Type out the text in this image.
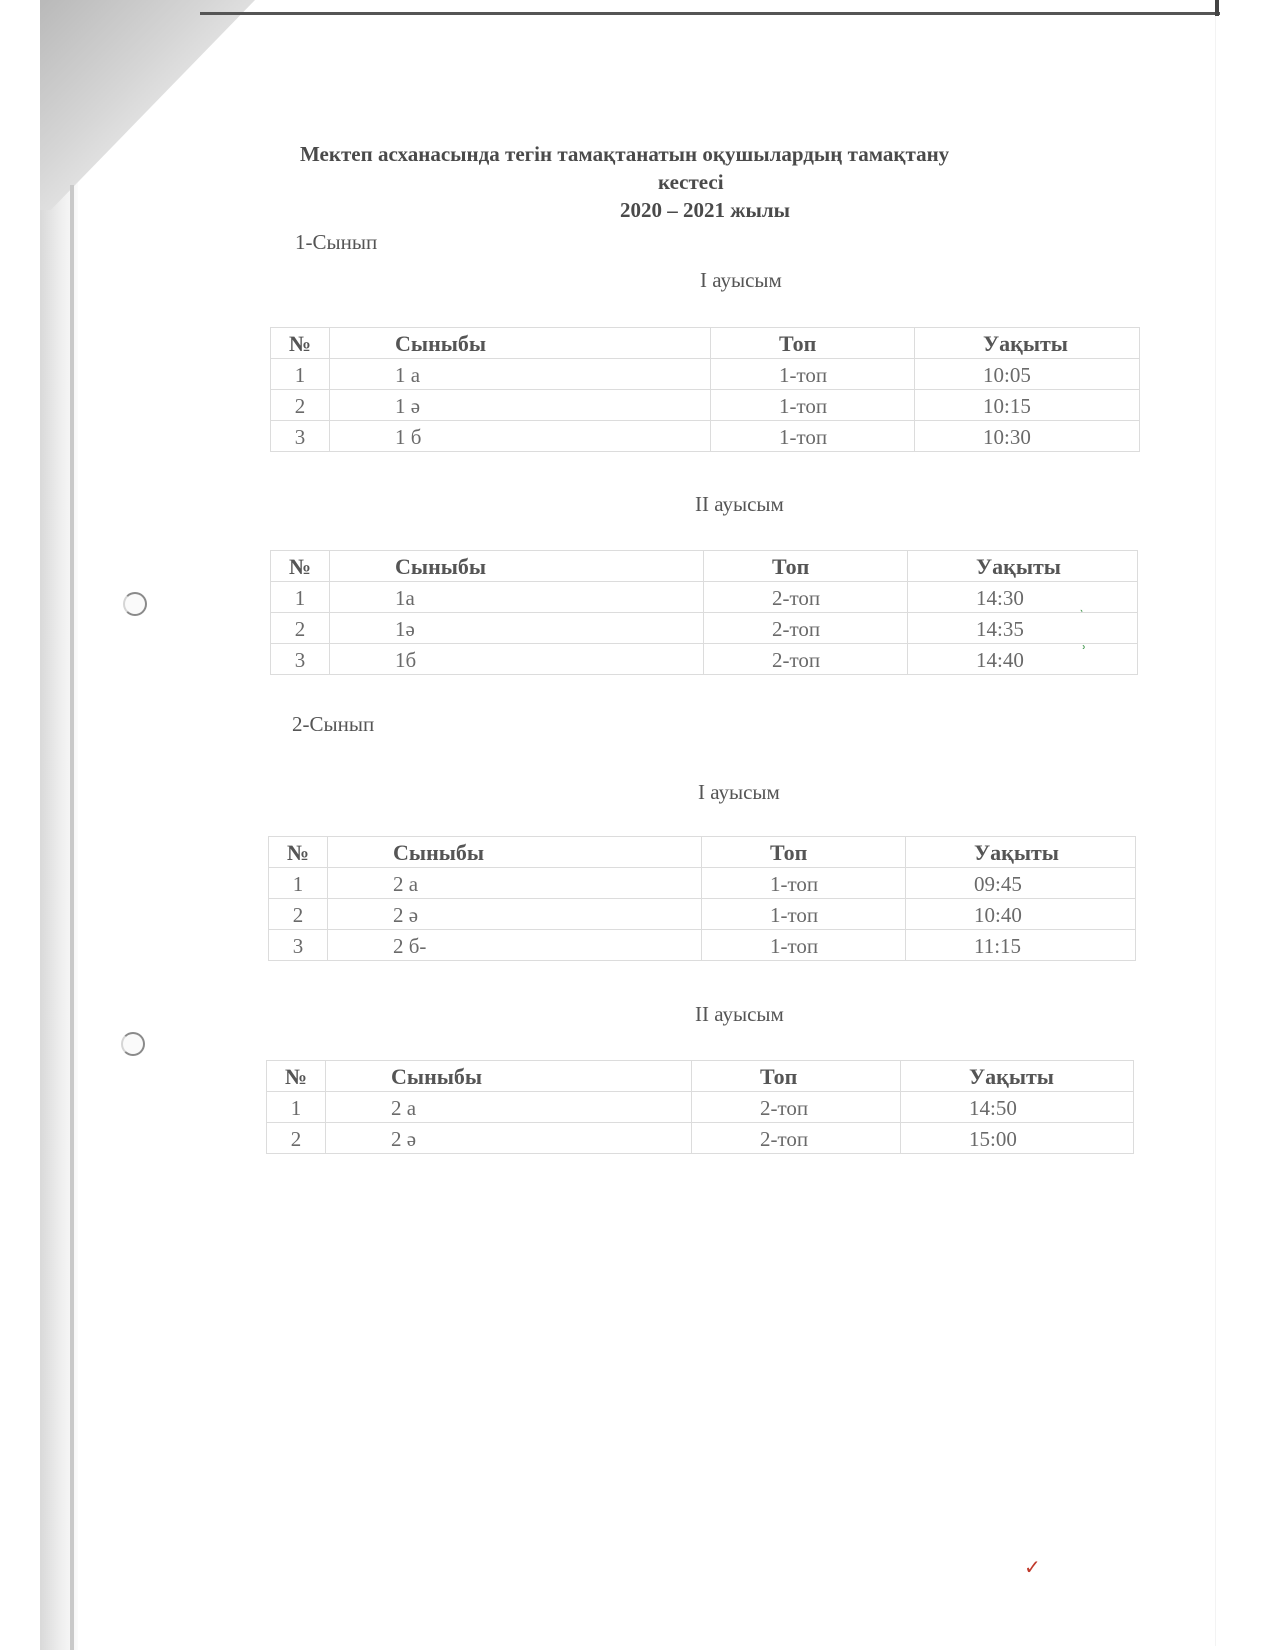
ʾ
ʾ
✓
Мектеп асханасында тегін тамақтанатын оқушылардың тамақтану
кестесі
2020 – 2021 жылы
1-Сынып
I ауысым
№	Сыныбы	Топ	Уақыты
1	1 а	1-топ	10:05
2	1 ә	1-топ	10:15
3	1 б	1-топ	10:30
II ауысым
№	Сыныбы	Топ	Уақыты
1	1а	2-топ	14:30
2	1ә	2-топ	14:35
3	1б	2-топ	14:40
2-Сынып
I ауысым
№	Сыныбы	Топ	Уақыты
1	2 а	1-топ	09:45
2	2 ә	1-топ	10:40
3	2 б-	1-топ	11:15
II ауысым
№	Сыныбы	Топ	Уақыты
1	2 а	2-топ	14:50
2	2 ә	2-топ	15:00
